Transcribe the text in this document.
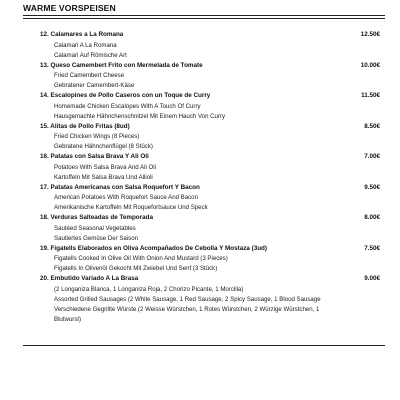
WARME VORSPEISEN
12. Calamares a La Romana	12.50€
Calamari A La Romana
Calamari Auf Römische Art
13. Queso Camembert Frito con Mermelada de Tomate	10.00€
Fried Camembert Cheese
Gebratener Camembert-Käse
14. Escalopines de Pollo Caseros con un Toque de Curry	11.50€
Homemade Chicken Escalopes With A Touch Of Curry
Hausgemachte Hähnchenschnitzel Mit Einem Hauch Von Curry
15. Alitas de Pollo Fritas (8ud)	8.50€
Fried Chicken Wings (8 Pieces)
Gebratene Hähnchenflügel (8 Stück)
16. Patatas con Salsa Brava Y Ali Oli	7.00€
Potatoes With Salsa Brava And Ali Oli
Kartoffeln Mit Salsa Brava Und Allioli
17. Patatas Americanas con Salsa Roquefort Y Bacon	9.50€
American Potatoes With Roquefort Sauce And Bacon
Amerikanische Kartoffeln Mit Roquefortsauce Und Speck
18. Verduras Salteadas de Temporada	8.00€
Sautéed Seasonal Vegetables
Sautiertes Gemüse Der Saison
19. Figatells Elaborados en Oliva Acompañados De Cebolla Y Mostaza (3ud)	7.50€
Figatells Cooked In Olive Oil With Onion And Mustard (3 Pieces)
Figatells In Olivenöl Gekocht Mit Zwiebel Und Senf (3 Stück)
20. Embutido Variado A La Brasa	9.00€
(2 Longaniza Blanca, 1 Longaniza Roja, 2 Chorizo Picante, 1 Morcilla)
Assorted Grilled Sausages (2 White Sausage, 1 Red Sausage, 2 Spicy Sausage, 1 Blood Sausage
Verschiedene Gegrillte Würste (2 Weisse Würstchen, 1 Rotes Würstchen, 2 Würzige Würstchen, 1
Blutwurst)
